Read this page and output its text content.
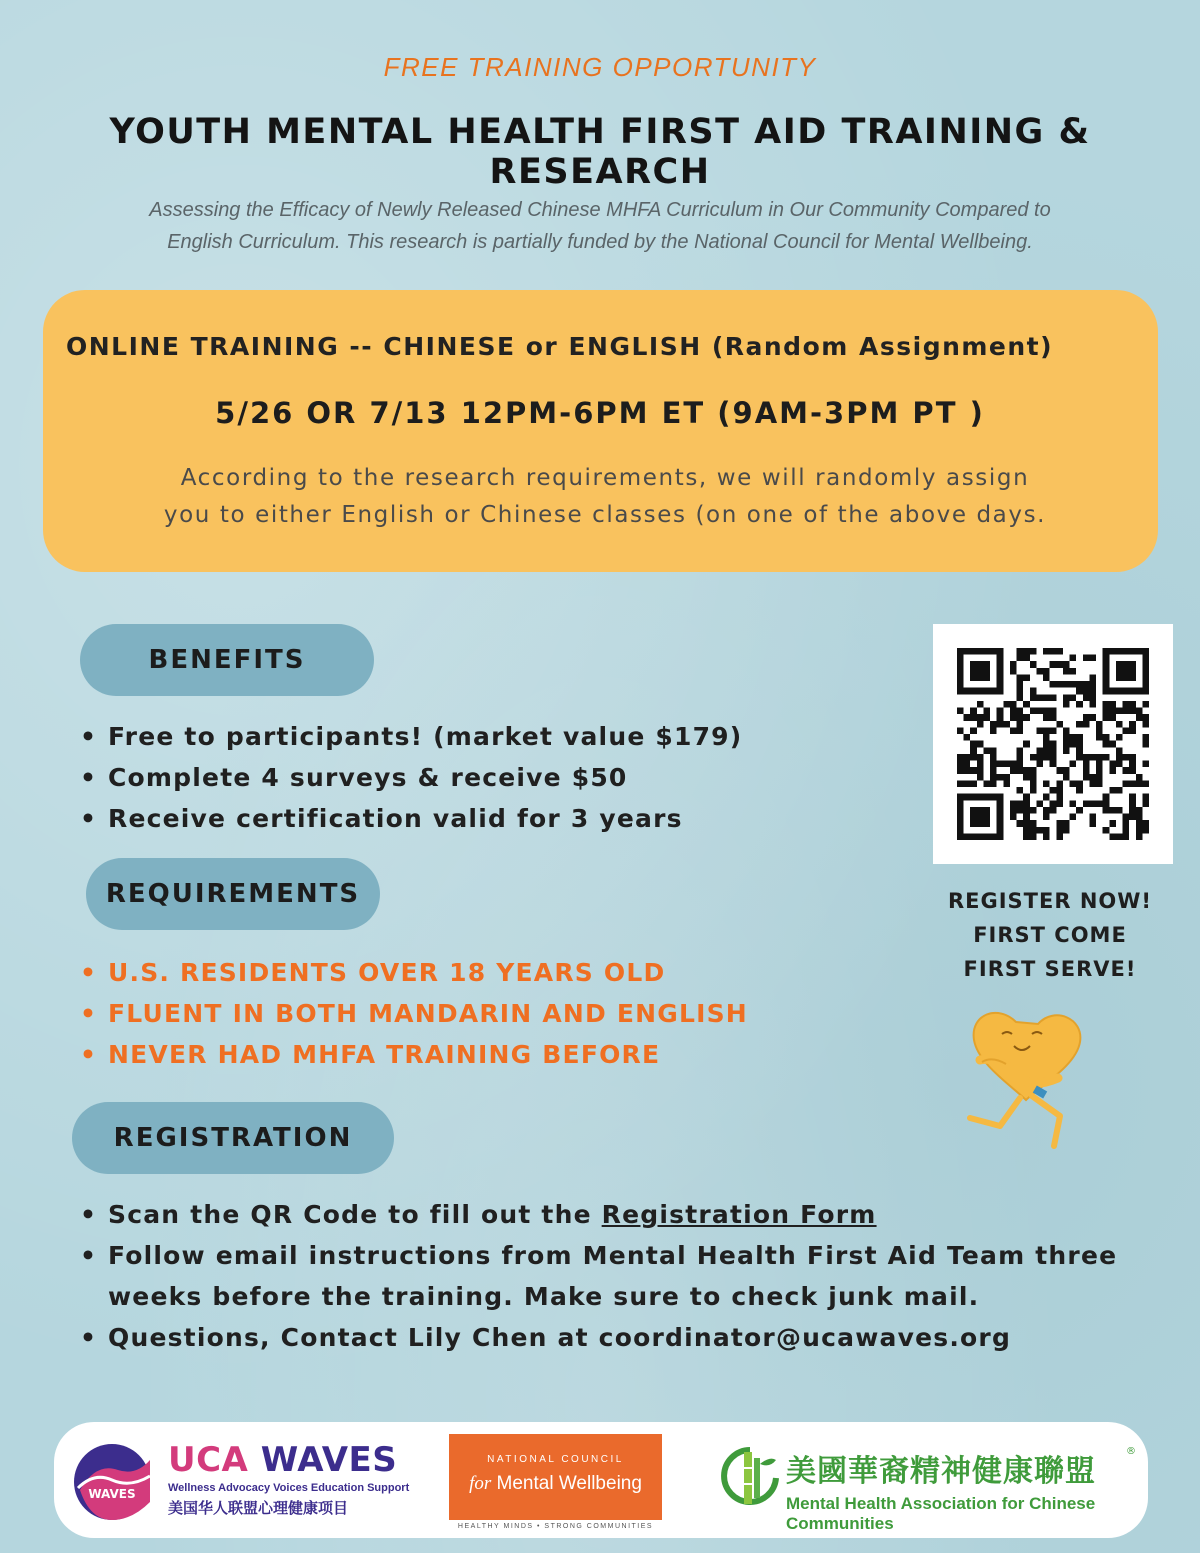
FREE TRAINING OPPORTUNITY
YOUTH MENTAL HEALTH FIRST AID TRAINING & RESEARCH
Assessing the Efficacy of Newly Released Chinese MHFA Curriculum in Our Community Compared to
English Curriculum. This research is partially funded by the National Council for Mental Wellbeing.
ONLINE TRAINING -- CHINESE or ENGLISH (Random Assignment)
5/26 OR 7/13 12PM-6PM ET (9AM-3PM PT )
According to the research requirements, we will randomly assign
you to either English or Chinese classes (on one of the above days.
BENEFITS
• Free to participants! (market value $179)
• Complete 4 surveys & receive $50
• Receive certification valid for 3 years
REQUIREMENTS
• U.S. RESIDENTS OVER 18 YEARS OLD
• FLUENT IN BOTH MANDARIN AND ENGLISH
• NEVER HAD MHFA TRAINING BEFORE
REGISTRATION
• Scan the QR Code to fill out the Registration Form
• Follow email instructions from Mental Health First Aid Team three weeks before the training. Make sure to check junk mail.
• Questions, Contact Lily Chen at coordinator@ucawaves.org
REGISTER NOW!
FIRST COME
FIRST SERVE!
WAVES
UCA WAVES
Wellness Advocacy Voices Education Support
美国华人联盟心理健康项目
NATIONAL COUNCIL
for Mental Wellbeing
HEALTHY MINDS • STRONG COMMUNITIES
美國華裔精神健康聯盟
®
Mental Health Association for Chinese Communities
